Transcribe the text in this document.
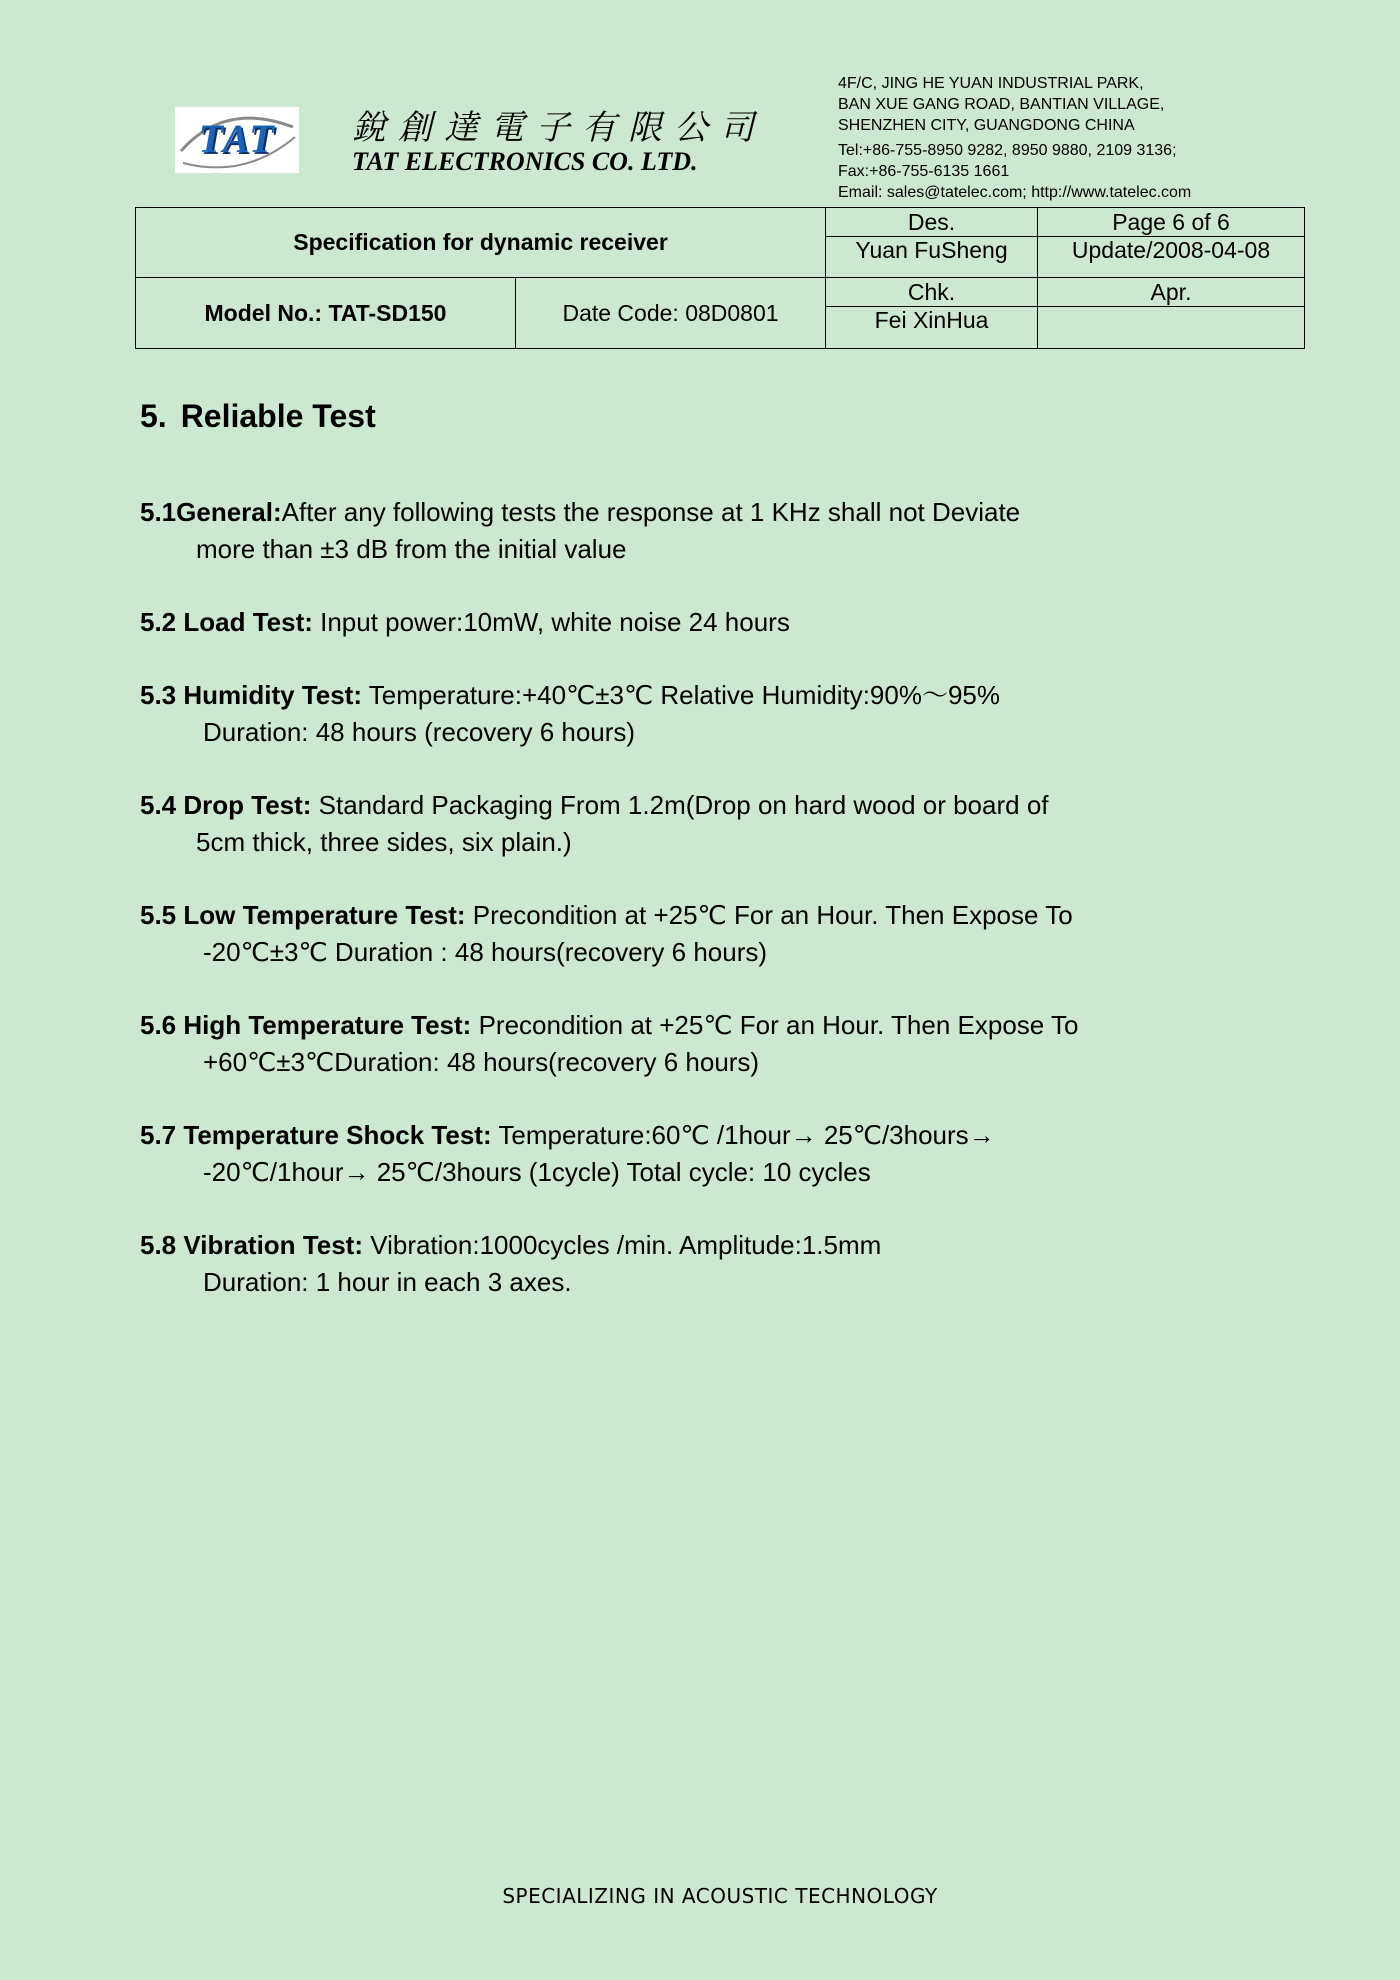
TAT	銳創達電子有限公司
TAT ELECTRONICS CO. LTD.
4F/C, JING HE YUAN INDUSTRIAL PARK,
BAN XUE GANG ROAD, BANTIAN VILLAGE,
SHENZHEN CITY, GUANGDONG CHINA
Tel:+86-755-8950 9282, 8950 9880, 2109 3136;
Fax:+86-755-6135 1661
Email: sales@tatelec.com; http://www.tatelec.com
Specification for dynamic receiver		Des.	Page 6 of 6
		Yuan FuSheng	Update/2008-04-08
Model No.: TAT-SD150	Date Code: 08D0801	Chk.	Apr.
		Fei XinHua	
5. Reliable Test
5.1General:After any following tests the response at 1 KHz shall not Deviate
more than ±3 dB from the initial value
5.2 Load Test: Input power:10mW, white noise 24 hours
5.3 Humidity Test: Temperature:+40℃±3℃ Relative Humidity:90%～95%
Duration: 48 hours (recovery 6 hours)
5.4 Drop Test: Standard Packaging From 1.2m(Drop on hard wood or board of
5cm thick, three sides, six plain.)
5.5 Low Temperature Test: Precondition at +25℃ For an Hour. Then Expose To
-20℃±3℃ Duration : 48 hours(recovery 6 hours)
5.6 High Temperature Test: Precondition at +25℃ For an Hour. Then Expose To
+60℃±3℃Duration: 48 hours(recovery 6 hours)
5.7 Temperature Shock Test: Temperature:60℃ /1hour→ 25℃/3hours→
-20℃/1hour→ 25℃/3hours (1cycle) Total cycle: 10 cycles
5.8 Vibration Test: Vibration:1000cycles /min. Amplitude:1.5mm
Duration: 1 hour in each 3 axes.
SPECIALIZING IN ACOUSTIC TECHNOLOGY
